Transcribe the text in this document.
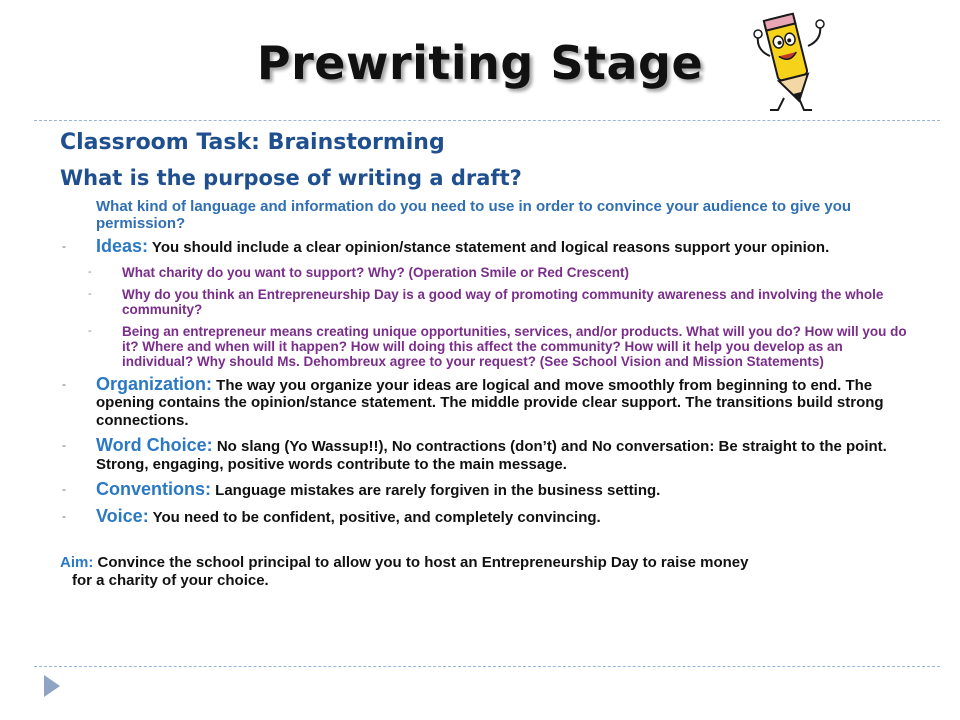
Prewriting Stage
Classroom Task: Brainstorming
What is the purpose of writing a draft?
What kind of language and information do you need to use in order to convince your audience to give you permission?
- Ideas: You should include a clear opinion/stance statement and logical reasons support your opinion.
- What charity do you want to support? Why? (Operation Smile or Red Crescent)
- Why do you think an Entrepreneurship Day is a good way of promoting community awareness and involving the whole community?
- Being an entrepreneur means creating unique opportunities, services, and/or products. What will you do? How will you do it? Where and when will it happen? How will doing this affect the community? How will it help you develop as an individual? Why should Ms. Dehombreux agree to your request? (See School Vision and Mission Statements)
- Organization: The way you organize your ideas are logical and move smoothly from beginning to end. The opening contains the opinion/stance statement. The middle provide clear support. The transitions build strong connections.
- Word Choice: No slang (Yo Wassup!!), No contractions (don’t) and No conversation: Be straight to the point. Strong, engaging, positive words contribute to the main message.
- Conventions: Language mistakes are rarely forgiven in the business setting.
- Voice: You need to be confident, positive, and completely convincing.
Aim: Convince the school principal to allow you to host an Entrepreneurship Day to raise money
for a charity of your choice.
